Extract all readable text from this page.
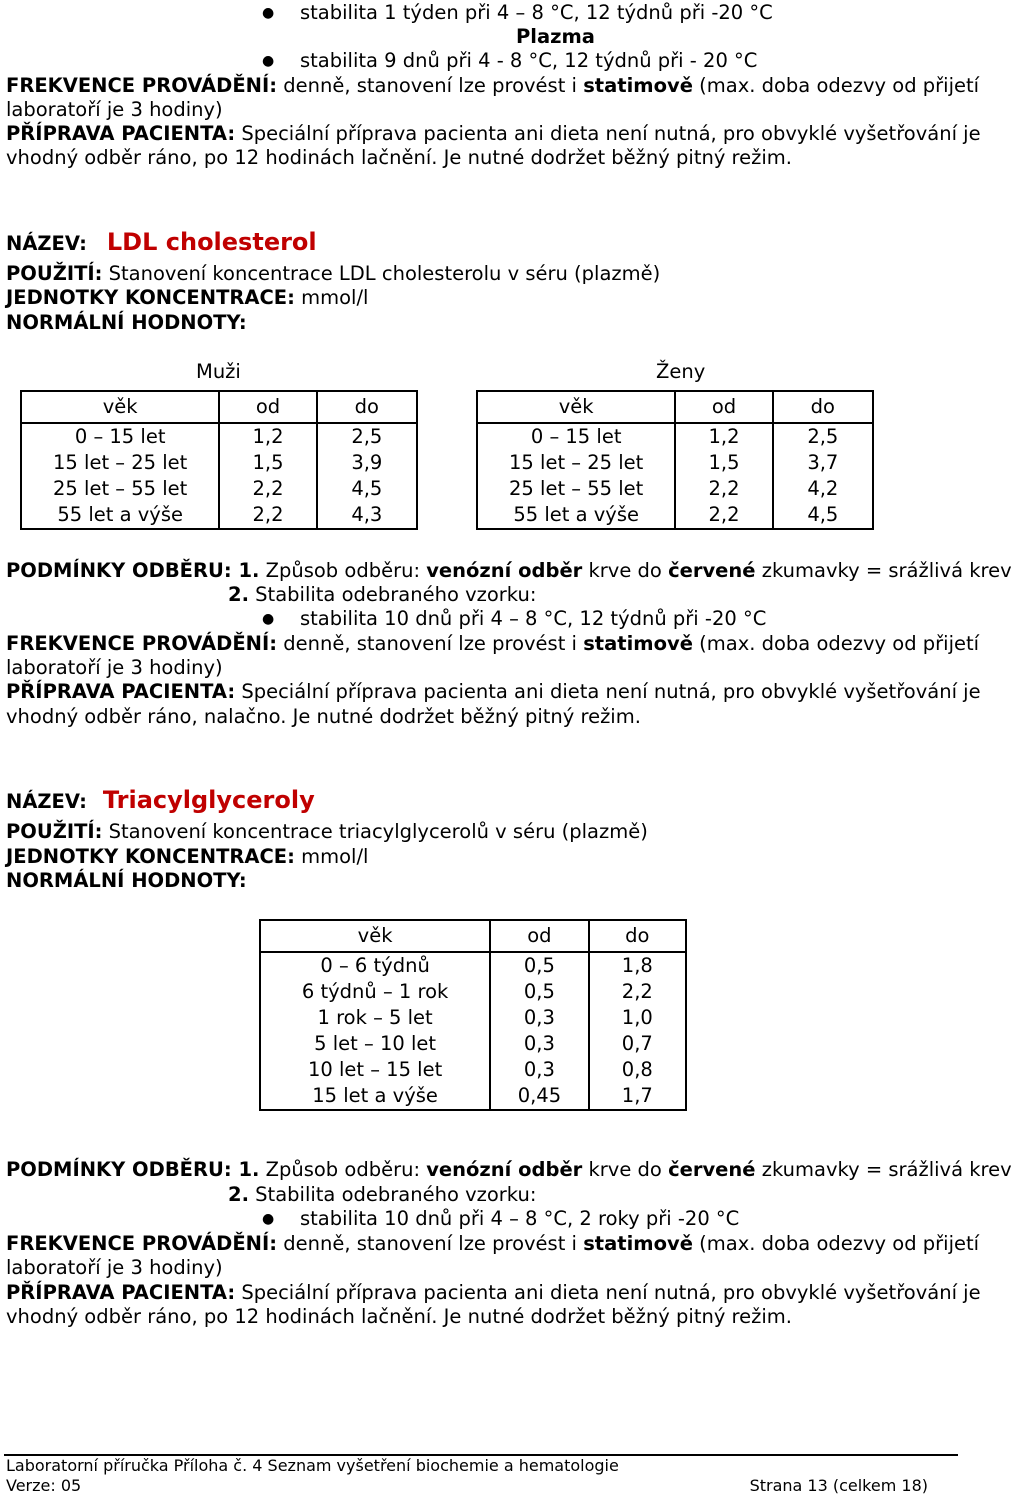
● stabilita 1 týden při 4 – 8 °C, 12 týdnů při -20 °C
Plazma
● stabilita 9 dnů při 4 - 8 °C, 12 týdnů při - 20 °C
FREKVENCE PROVÁDĚNÍ: denně, stanovení lze provést i statimově (max. doba odezvy od přijetí
laboratoří je 3 hodiny)
PŘÍPRAVA PACIENTA: Speciální příprava pacienta ani dieta není nutná, pro obvyklé vyšetřování je
vhodný odběr ráno, po 12 hodinách lačnění. Je nutné dodržet běžný pitný režim.
NÁZEV: LDL cholesterol
POUŽITÍ: Stanovení koncentrace LDL cholesterolu v séru (plazmě)
JEDNOTKY KONCENTRACE: mmol/l
NORMÁLNÍ HODNOTY:
Muži	Ženy
věk	od	do
0 – 15 let	1,2	2,5
15 let – 25 let	1,5	3,9
25 let – 55 let	2,2	4,5
55 let a výše	2,2	4,3
věk	od	do
0 – 15 let	1,2	2,5
15 let – 25 let	1,5	3,7
25 let – 55 let	2,2	4,2
55 let a výše	2,2	4,5
PODMÍNKY ODBĚRU: 1. Způsob odběru: venózní odběr krve do červené zkumavky = srážlivá krev
2. Stabilita odebraného vzorku:
● stabilita 10 dnů při 4 – 8 °C, 12 týdnů při -20 °C
FREKVENCE PROVÁDĚNÍ: denně, stanovení lze provést i statimově (max. doba odezvy od přijetí
laboratoří je 3 hodiny)
PŘÍPRAVA PACIENTA: Speciální příprava pacienta ani dieta není nutná, pro obvyklé vyšetřování je
vhodný odběr ráno, nalačno. Je nutné dodržet běžný pitný režim.
NÁZEV: Triacylglyceroly
POUŽITÍ: Stanovení koncentrace triacylglycerolů v séru (plazmě)
JEDNOTKY KONCENTRACE: mmol/l
NORMÁLNÍ HODNOTY:
věk	od	do
0 – 6 týdnů	0,5	1,8
6 týdnů – 1 rok	0,5	2,2
1 rok – 5 let	0,3	1,0
5 let – 10 let	0,3	0,7
10 let – 15 let	0,3	0,8
15 let a výše	0,45	1,7
PODMÍNKY ODBĚRU: 1. Způsob odběru: venózní odběr krve do červené zkumavky = srážlivá krev
2. Stabilita odebraného vzorku:
● stabilita 10 dnů při 4 – 8 °C, 2 roky při -20 °C
FREKVENCE PROVÁDĚNÍ: denně, stanovení lze provést i statimově (max. doba odezvy od přijetí
laboratoří je 3 hodiny)
PŘÍPRAVA PACIENTA: Speciální příprava pacienta ani dieta není nutná, pro obvyklé vyšetřování je
vhodný odběr ráno, po 12 hodinách lačnění. Je nutné dodržet běžný pitný režim.
Laboratorní příručka Příloha č. 4 Seznam vyšetření biochemie a hematologie
Verze: 05	Strana 13 (celkem 18)
